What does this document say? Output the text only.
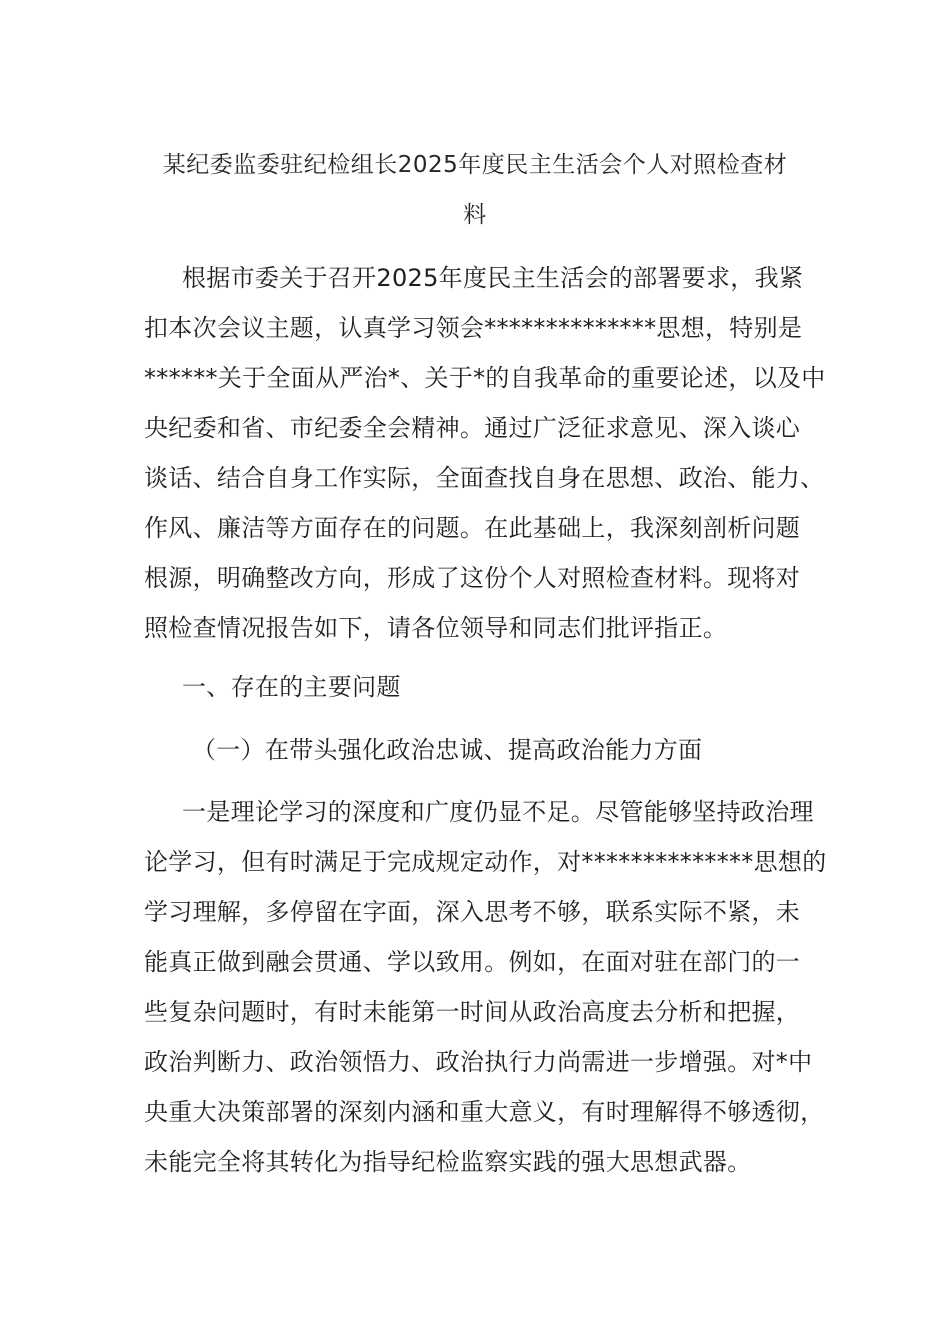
某纪委监委驻纪检组长2025年度民主生活会个人对照检查材
料
根据市委关于召开2025年度民主生活会的部署要求，我紧
扣本次会议主题，认真学习领会**************思想，特别是
******关于全面从严治*、关于*的自我革命的重要论述，以及中
央纪委和省、市纪委全会精神。通过广泛征求意见、深入谈心
谈话、结合自身工作实际，全面查找自身在思想、政治、能力、
作风、廉洁等方面存在的问题。在此基础上，我深刻剖析问题
根源，明确整改方向，形成了这份个人对照检查材料。现将对
照检查情况报告如下，请各位领导和同志们批评指正。
一、存在的主要问题
（一）在带头强化政治忠诚、提高政治能力方面
一是理论学习的深度和广度仍显不足。尽管能够坚持政治理
论学习，但有时满足于完成规定动作，对**************思想的
学习理解，多停留在字面，深入思考不够，联系实际不紧，未
能真正做到融会贯通、学以致用。例如，在面对驻在部门的一
些复杂问题时，有时未能第一时间从政治高度去分析和把握，
政治判断力、政治领悟力、政治执行力尚需进一步增强。对*中
央重大决策部署的深刻内涵和重大意义，有时理解得不够透彻，
未能完全将其转化为指导纪检监察实践的强大思想武器。
